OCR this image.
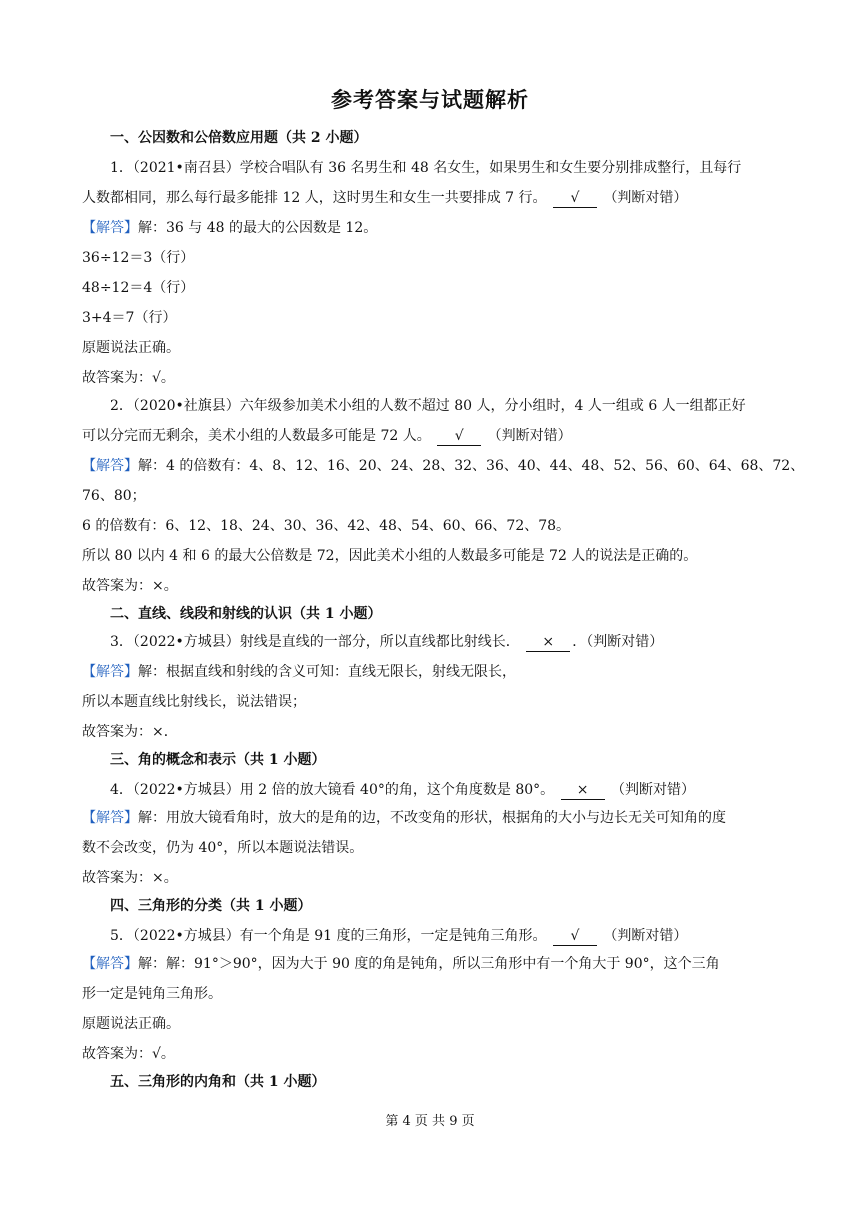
参考答案与试题解析
一、公因数和公倍数应用题（共 2 小题）
1．（2021•南召县）学校合唱队有 36 名男生和 48 名女生，如果男生和女生要分别排成整行，且每行
人数都相同，那么每行最多能排 12 人，这时男生和女生一共要排成 7 行。 √ （判断对错）
【解答】解：36 与 48 的最大的公因数是 12。
36÷12＝3（行）
48÷12＝4（行）
3+4＝7（行）
原题说法正确。
故答案为：√。
2．（2020•社旗县）六年级参加美术小组的人数不超过 80 人，分小组时，4 人一组或 6 人一组都正好
可以分完而无剩余，美术小组的人数最多可能是 72 人。 √ （判断对错）
【解答】解：4 的倍数有：4、8、12、16、20、24、28、32、36、40、44、48、52、56、60、64、68、72、
76、80；
6 的倍数有：6、12、18、24、30、36、42、48、54、60、66、72、78。
所以 80 以内 4 和 6 的最大公倍数是 72，因此美术小组的人数最多可能是 72 人的说法是正确的。
故答案为：×。
二、直线、线段和射线的认识（共 1 小题）
3．（2022•方城县）射线是直线的一部分，所以直线都比射线长． × ．（判断对错）
【解答】解：根据直线和射线的含义可知：直线无限长，射线无限长，
所以本题直线比射线长，说法错误；
故答案为：×．
三、角的概念和表示（共 1 小题）
4．（2022•方城县）用 2 倍的放大镜看 40°的角，这个角度数是 80°。 × （判断对错）
【解答】解：用放大镜看角时，放大的是角的边，不改变角的形状，根据角的大小与边长无关可知角的度
数不会改变，仍为 40°，所以本题说法错误。
故答案为：×。
四、三角形的分类（共 1 小题）
5．（2022•方城县）有一个角是 91 度的三角形，一定是钝角三角形。 √ （判断对错）
【解答】解：解：91°＞90°，因为大于 90 度的角是钝角，所以三角形中有一个角大于 90°，这个三角
形一定是钝角三角形。
原题说法正确。
故答案为：√。
五、三角形的内角和（共 1 小题）
第 4 页 共 9 页
